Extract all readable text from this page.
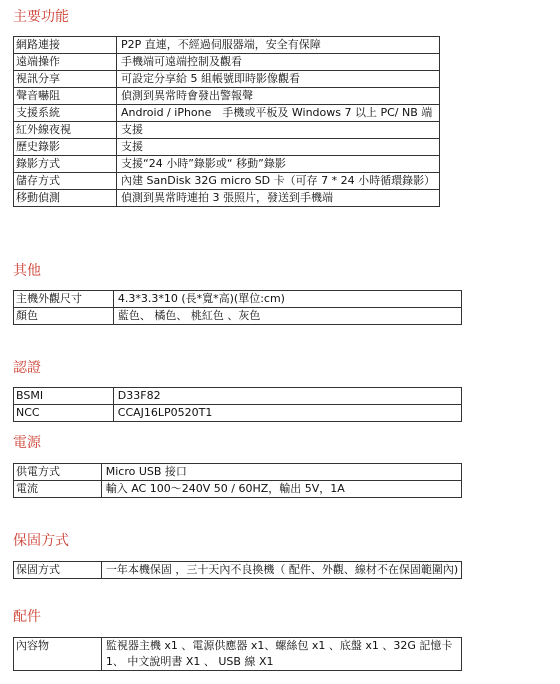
主要功能
網路連接	P2P 直連，不經過伺服器端，安全有保障
遠端操作	手機端可遠端控制及觀看
視訊分享	可設定分享給 5 組帳號即時影像觀看
聲音嚇阻	偵測到異常時會發出警報聲
支援系統	Android / iPhone　手機或平板及 Windows 7 以上 PC/ NB 端
紅外線夜視	支援
歷史錄影	支援
錄影方式	支援“24 小時”錄影或“ 移動”錄影
儲存方式	內建 SanDisk 32G micro SD 卡（可存 7 * 24 小時循環錄影）
移動偵測	偵測到異常時連拍 3 張照片，發送到手機端
其他
主機外觀尺寸	4.3*3.3*10 (長*寬*高)(單位:cm)
顏色	藍色、 橘色、 桃紅色 、灰色
認證
BSMI	D33F82
NCC	CCAJ16LP0520T1
電源
供電方式	Micro USB 接口
電流	輸入 AC 100～240V 50 / 60HZ，輸出 5V，1A
保固方式
保固方式	一年本機保固 ，三十天內不良換機（ 配件、外觀、線材不在保固範圍內)
配件
內容物	監視器主機 x1 、電源供應器 x1、螺絲包 x1 、底盤 x1 、32G 記憶卡 1、 中文說明書 X1 、 USB 線 X1
